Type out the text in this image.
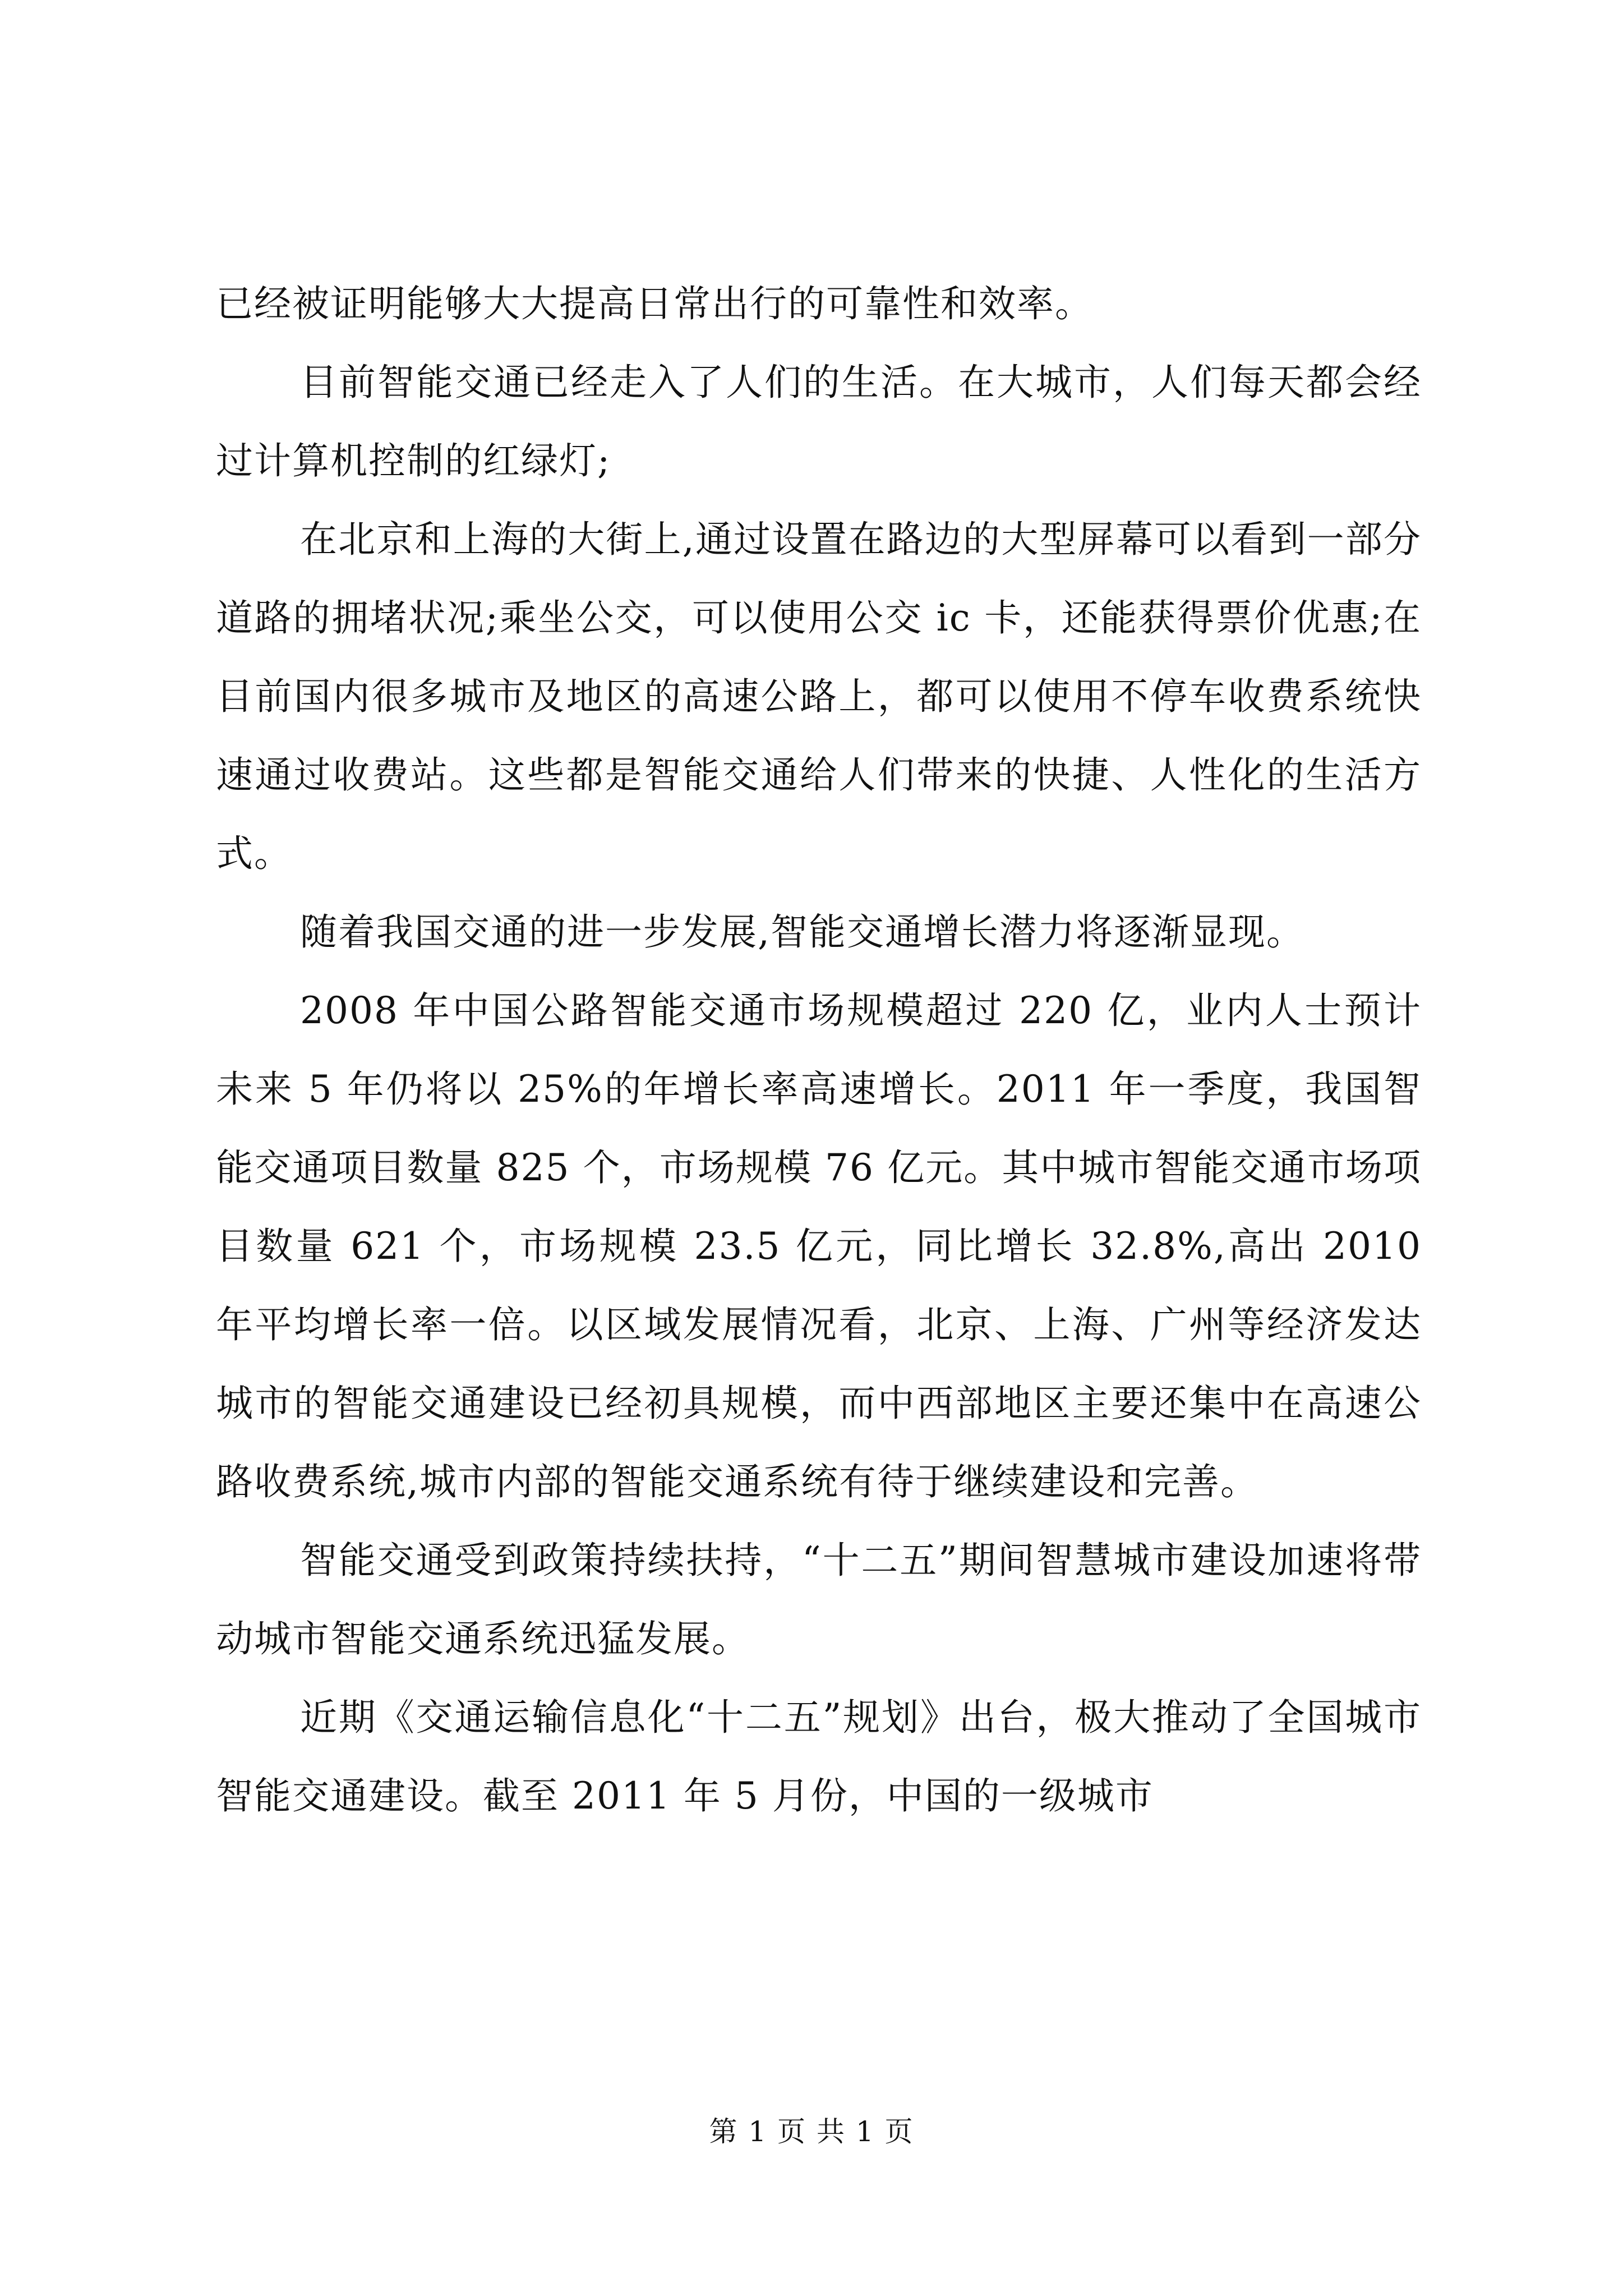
已经被证明能够大大提高日常出行的可靠性和效率。

目前智能交通已经走入了人们的生活。在大城市，人们每天都会经过计算机控制的红绿灯;

在北京和上海的大街上,通过设置在路边的大型屏幕可以看到一部分道路的拥堵状况;乘坐公交，可以使用公交 ic 卡，还能获得票价优惠;在目前国内很多城市及地区的高速公路上，都可以使用不停车收费系统快速通过收费站。这些都是智能交通给人们带来的快捷、人性化的生活方式。

随着我国交通的进一步发展,智能交通增长潜力将逐渐显现。

2008 年中国公路智能交通市场规模超过 220 亿，业内人士预计未来 5 年仍将以 25%的年增长率高速增长。2011 年一季度，我国智能交通项目数量 825 个，市场规模 76 亿元。其中城市智能交通市场项目数量 621 个，市场规模 23.5 亿元，同比增长 32.8%,高出 2010 年平均增长率一倍。以区域发展情况看，北京、上海、广州等经济发达城市的智能交通建设已经初具规模，而中西部地区主要还集中在高速公路收费系统,城市内部的智能交通系统有待于继续建设和完善。

智能交通受到政策持续扶持，“十二五”期间智慧城市建设加速将带动城市智能交通系统迅猛发展。

近期《交通运输信息化“十二五”规划》出台，极大推动了全国城市智能交通建设。截至 2011 年 5 月份，中国的一级城市

第 1 页 共 1 页
